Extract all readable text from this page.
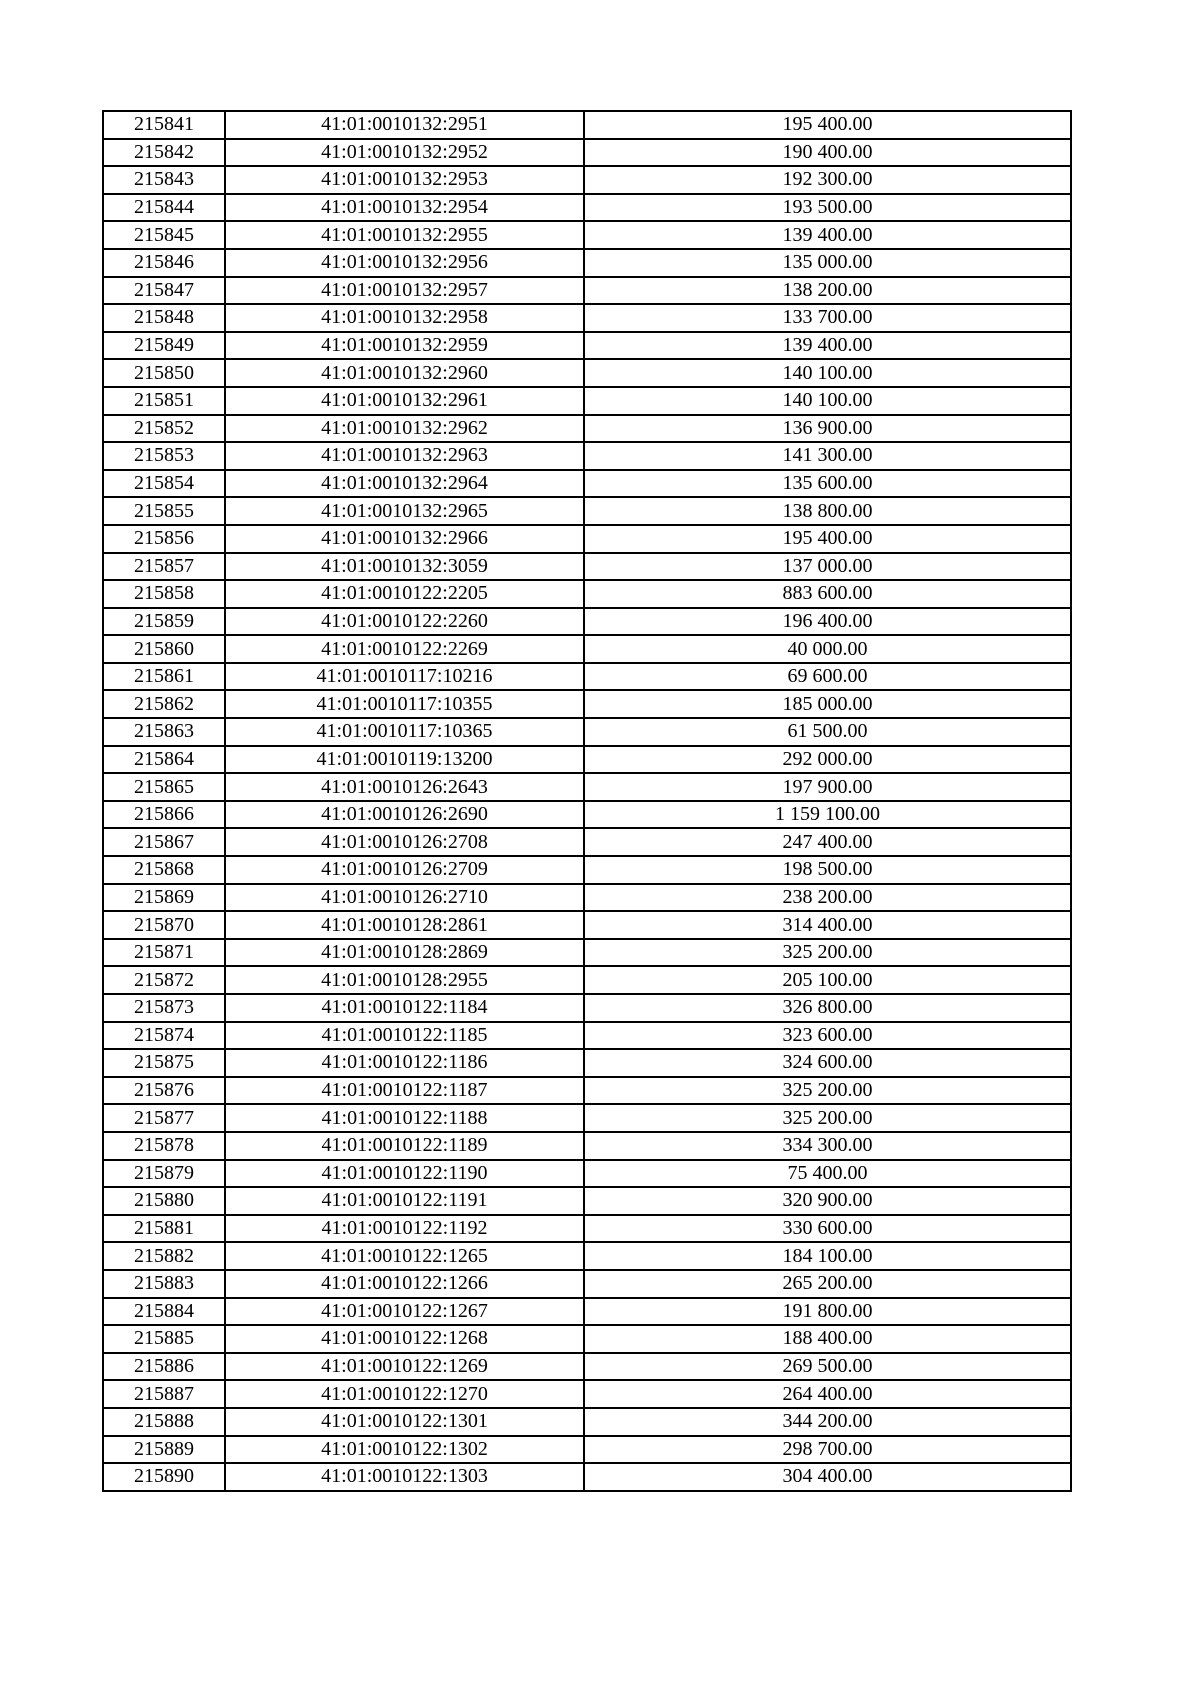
215841	41:01:0010132:2951	195 400.00
215842	41:01:0010132:2952	190 400.00
215843	41:01:0010132:2953	192 300.00
215844	41:01:0010132:2954	193 500.00
215845	41:01:0010132:2955	139 400.00
215846	41:01:0010132:2956	135 000.00
215847	41:01:0010132:2957	138 200.00
215848	41:01:0010132:2958	133 700.00
215849	41:01:0010132:2959	139 400.00
215850	41:01:0010132:2960	140 100.00
215851	41:01:0010132:2961	140 100.00
215852	41:01:0010132:2962	136 900.00
215853	41:01:0010132:2963	141 300.00
215854	41:01:0010132:2964	135 600.00
215855	41:01:0010132:2965	138 800.00
215856	41:01:0010132:2966	195 400.00
215857	41:01:0010132:3059	137 000.00
215858	41:01:0010122:2205	883 600.00
215859	41:01:0010122:2260	196 400.00
215860	41:01:0010122:2269	40 000.00
215861	41:01:0010117:10216	69 600.00
215862	41:01:0010117:10355	185 000.00
215863	41:01:0010117:10365	61 500.00
215864	41:01:0010119:13200	292 000.00
215865	41:01:0010126:2643	197 900.00
215866	41:01:0010126:2690	1 159 100.00
215867	41:01:0010126:2708	247 400.00
215868	41:01:0010126:2709	198 500.00
215869	41:01:0010126:2710	238 200.00
215870	41:01:0010128:2861	314 400.00
215871	41:01:0010128:2869	325 200.00
215872	41:01:0010128:2955	205 100.00
215873	41:01:0010122:1184	326 800.00
215874	41:01:0010122:1185	323 600.00
215875	41:01:0010122:1186	324 600.00
215876	41:01:0010122:1187	325 200.00
215877	41:01:0010122:1188	325 200.00
215878	41:01:0010122:1189	334 300.00
215879	41:01:0010122:1190	75 400.00
215880	41:01:0010122:1191	320 900.00
215881	41:01:0010122:1192	330 600.00
215882	41:01:0010122:1265	184 100.00
215883	41:01:0010122:1266	265 200.00
215884	41:01:0010122:1267	191 800.00
215885	41:01:0010122:1268	188 400.00
215886	41:01:0010122:1269	269 500.00
215887	41:01:0010122:1270	264 400.00
215888	41:01:0010122:1301	344 200.00
215889	41:01:0010122:1302	298 700.00
215890	41:01:0010122:1303	304 400.00
